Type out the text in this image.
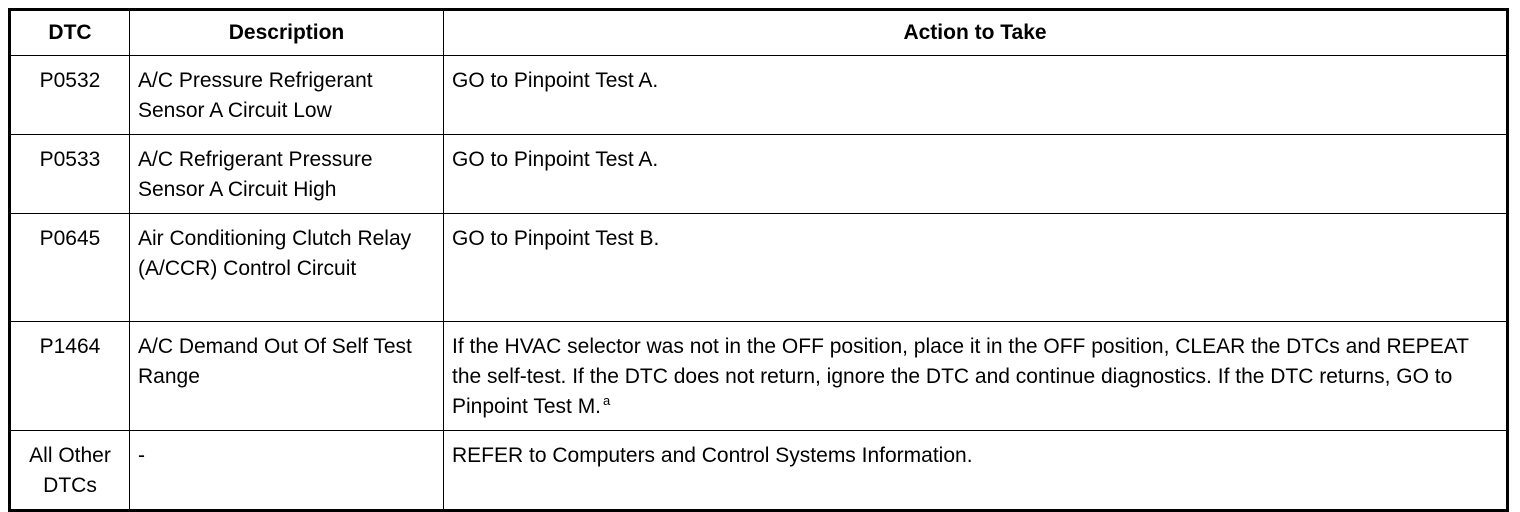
DTC	Description	Action to Take
P0532	A/C Pressure Refrigerant Sensor A Circuit Low	GO to Pinpoint Test A.
P0533	A/C Refrigerant Pressure Sensor A Circuit High	GO to Pinpoint Test A.
P0645	Air Conditioning Clutch Relay (A/CCR) Control Circuit	GO to Pinpoint Test B.
P1464	A/C Demand Out Of Self Test Range	If the HVAC selector was not in the OFF position, place it in the OFF position, CLEAR the DTCs and REPEAT the self-test. If the DTC does not return, ignore the DTC and continue diagnostics. If the DTC returns, GO to Pinpoint Test M. $^a$
All Other DTCs	-	REFER to Computers and Control Systems Information.
